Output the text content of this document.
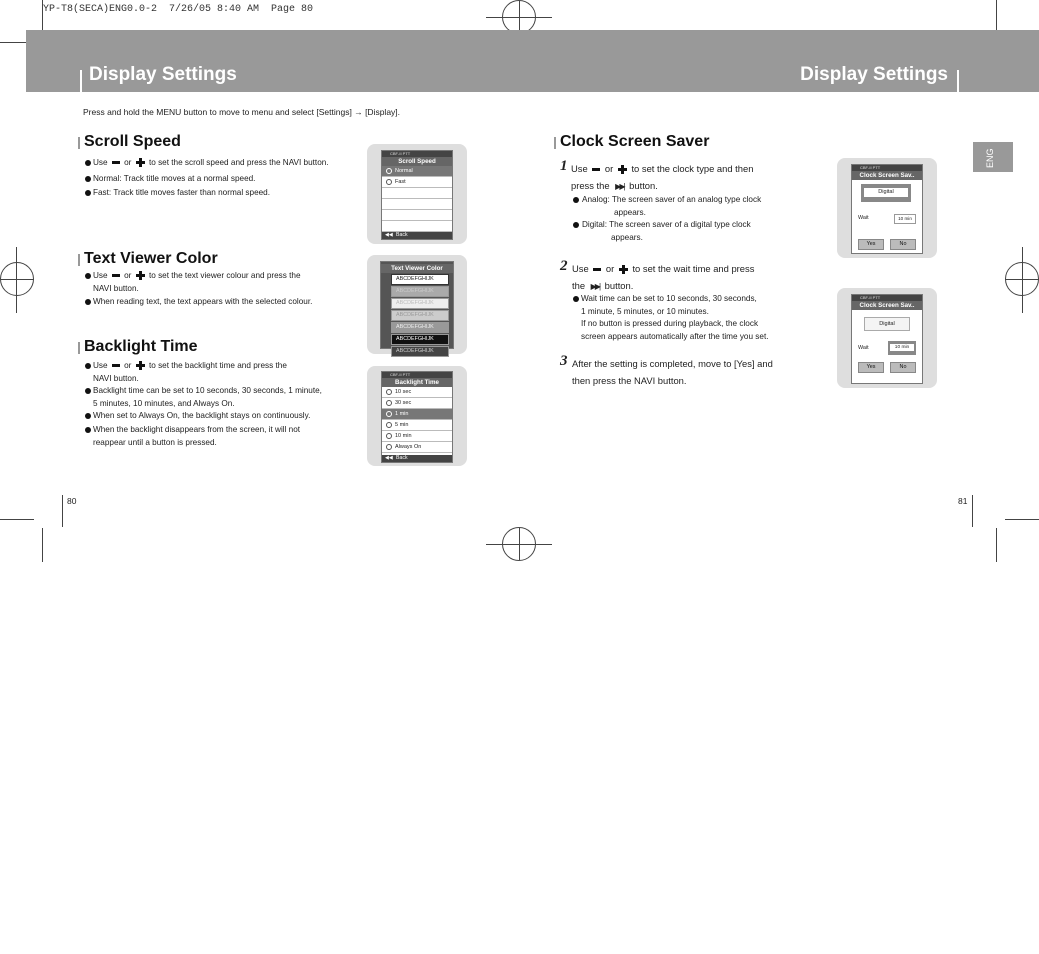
YP-T8(SECA)ENG0.0-2  7/26/05 8:40 AM  Page 80
Display Settings	Display Settings
Press and hold the MENU button to move to menu and select [Settings] → [Display].
Scroll Speed
Use or to set the scroll speed and press the NAVI button.
Normal: Track title moves at a normal speed.
Fast: Track title moves faster than normal speed.
CBF-II PTT
Scroll Speed
Normal
Fast
◀◀ Back
Text Viewer Color
Use or to set the text viewer colour and press the
NAVI button.
When reading text, the text appears with the selected colour.
Text Viewer Color
ABCDEFGHIJK
ABCDEFGHIJK
ABCDEFGHIJK
ABCDEFGHIJK
ABCDEFGHIJK
ABCDEFGHIJK
ABCDEFGHIJK
Backlight Time
Use or to set the backlight time and press the
NAVI button.
Backlight time can be set to 10 seconds, 30 seconds, 1 minute,
5 minutes, 10 minutes, and Always On.
When set to Always On, the backlight stays on continuously.
When the backlight disappears from the screen, it will not
reappear until a button is pressed.
CBF-II PTT
Backlight Time
10 sec
30 sec
1 min
5 min
10 min
Always On
◀◀ Back
Clock Screen Saver
1 Use or to set the clock type and then
press the ▶▶| button.
Analog: The screen saver of an analog type clock
appears.
Digital: The screen saver of a digital type clock
appears.
2 Use or to set the wait time and press
the ▶▶| button.
Wait time can be set to 10 seconds, 30 seconds,
1 minute, 5 minutes, or 10 minutes.
If no button is pressed during playback, the clock
screen appears automatically after the time you set.
3 After the setting is completed, move to [Yes] and
then press the NAVI button.
CBF-II PTT
Clock Screen Sav..
Digital
Wait	10 min
Yes	No
CBF-II PTT
Clock Screen Sav..
Digital
Wait	10 min
Yes	No
ENG
80	81
